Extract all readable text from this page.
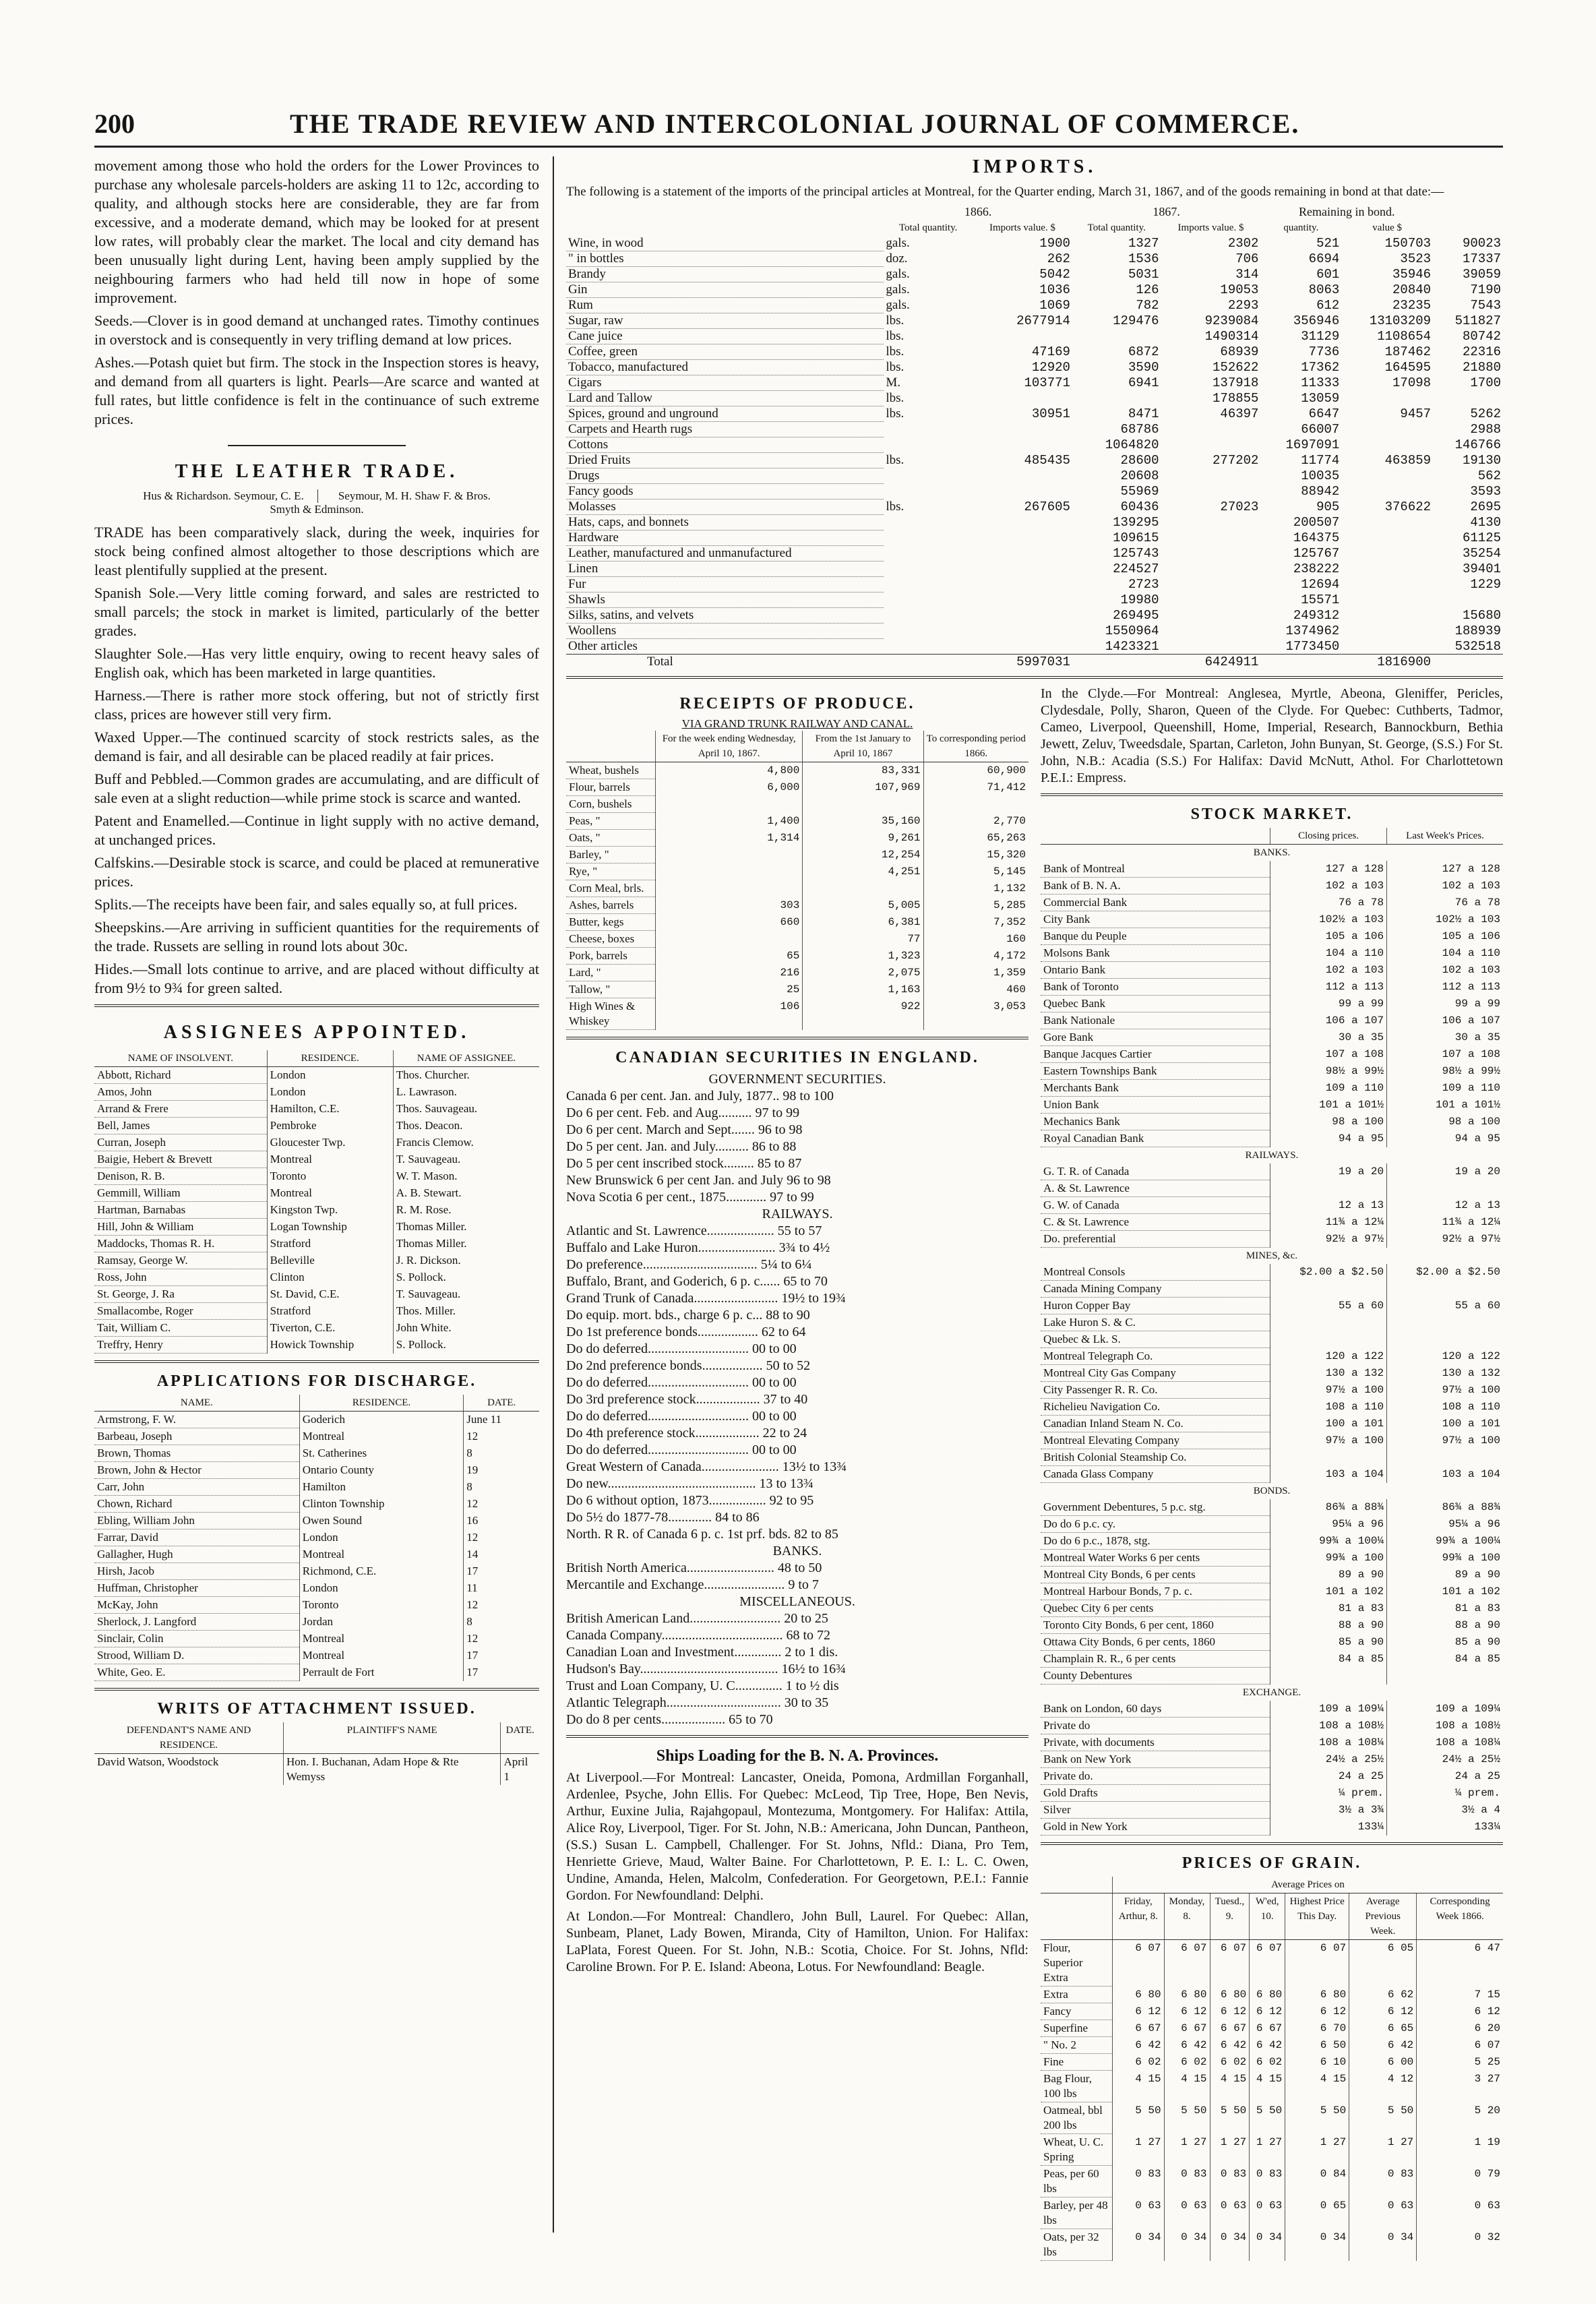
200	THE TRADE REVIEW AND INTERCOLONIAL JOURNAL OF COMMERCE.

movement among those who hold the orders for the Lower Provinces to purchase any wholesale parcels-holders are asking 11 to 12c, according to quality, and although stocks here are considerable, they are far from excessive, and a moderate demand, which may be looked for at present low rates, will probably clear the market. The local and city demand has been unusually light during Lent, having been amply supplied by the neighbouring farmers who had held till now in hope of some improvement.

Seeds.—Clover is in good demand at unchanged rates. Timothy continues in overstock and is consequently in very trifling demand at low prices.

Ashes.—Potash quiet but firm. The stock in the Inspection stores is heavy, and demand from all quarters is light. Pearls—Are scarce and wanted at full rates, but little confidence is felt in the continuance of such extreme prices.

THE LEATHER TRADE.
Hus & Richardson. Seymour, C. E.	Seymour, M. H. Shaw F. & Bros.
Smyth & Edminson.

TRADE has been comparatively slack, during the week, inquiries for stock being confined almost altogether to those descriptions which are least plentifully supplied at the present.

Spanish Sole.—Very little coming forward, and sales are restricted to small parcels; the stock in market is limited, particularly of the better grades.

Slaughter Sole.—Has very little enquiry, owing to recent heavy sales of English oak, which has been marketed in large quantities.

Harness.—There is rather more stock offering, but not of strictly first class, prices are however still very firm.

Waxed Upper.—The continued scarcity of stock restricts sales, as the demand is fair, and all desirable can be placed readily at fair prices.

Buff and Pebbled.—Common grades are accumulating, and are difficult of sale even at a slight reduction—while prime stock is scarce and wanted.

Patent and Enamelled.—Continue in light supply with no active demand, at unchanged prices.

Calfskins.—Desirable stock is scarce, and could be placed at remunerative prices.

Splits.—The receipts have been fair, and sales equally so, at full prices.

Sheepskins.—Are arriving in sufficient quantities for the requirements of the trade. Russets are selling in round lots about 30c.

Hides.—Small lots continue to arrive, and are placed without difficulty at from 9½ to 9¾ for green salted.

ASSIGNEES APPOINTED.
NAME OF INSOLVENT.	RESIDENCE.	NAME OF ASSIGNEE.
Abbott, Richard	London	Thos. Churcher.
Amos, John	London	L. Lawrason.
Arrand & Frere	Hamilton, C.E.	Thos. Sauvageau.
Bell, James	Pembroke	Thos. Deacon.
Curran, Joseph	Gloucester Twp.	Francis Clemow.
Baigie, Hebert & Brevett	Montreal	T. Sauvageau.
Denison, R. B.	Toronto	W. T. Mason.
Gemmill, William	Montreal	A. B. Stewart.
Hartman, Barnabas	Kingston Twp.	R. M. Rose.
Hill, John & William	Logan Township	Thomas Miller.
Maddocks, Thomas R. H.	Stratford	Thomas Miller.
Ramsay, George W.	Belleville	J. R. Dickson.
Ross, John	Clinton	S. Pollock.
St. George, J. Ra	St. David, C.E.	T. Sauvageau.
Smallacombe, Roger	Stratford	Thos. Miller.
Tait, William C.	Tiverton, C.E.	John White.
Treffry, Henry	Howick Township	S. Pollock.
APPLICATIONS FOR DISCHARGE.
NAME.	RESIDENCE.	DATE.
Armstrong, F. W.	Goderich	June 11
Barbeau, Joseph	Montreal	12
Brown, Thomas	St. Catherines	8
Brown, John & Hector	Ontario County	19
Carr, John	Hamilton	8
Chown, Richard	Clinton Township	12
Ebling, William John	Owen Sound	16
Farrar, David	London	12
Gallagher, Hugh	Montreal	14
Hirsh, Jacob	Richmond, C.E.	17
Huffman, Christopher	London	11
McKay, John	Toronto	12
Sherlock, J. Langford	Jordan	8
Sinclair, Colin	Montreal	12
Strood, William D.	Montreal	17
White, Geo. E.	Perrault de Fort	17
WRITS OF ATTACHMENT ISSUED.
DEFENDANT'S NAME AND RESIDENCE.	PLAINTIFF'S NAME	DATE.
David Watson, Woodstock	Hon. I. Buchanan, Adam Hope & Rte Wemyss	April 1
IMPORTS.

The following is a statement of the imports of the principal articles at Montreal, for the Quarter ending, March 31, 1867, and of the goods remaining in bond at that date:—

	1866.		1867.		Remaining in bond.		
	Total quantity.	Imports value. $	Total quantity.	Imports value. $	quantity.	value $	
Wine, in wood	gals.	1900	1327	2302	521	150703	90023
" in bottles	doz.	262	1536	706	6694	3523	17337
Brandy	gals.	5042	5031	314	601	35946	39059
Gin	gals.	1036	126	19053	8063	20840	7190
Rum	gals.	1069	782	2293	612	23235	7543
Sugar, raw	lbs.	2677914	129476	9239084	356946	13103209	511827
Cane juice	lbs.			1490314	31129	1108654	80742
Coffee, green	lbs.	47169	6872	68939	7736	187462	22316
Tobacco, manufactured	lbs.	12920	3590	152622	17362	164595	21880
Cigars	M.	103771	6941	137918	11333	17098	1700
Lard and Tallow	lbs.			178855	13059		
Spices, ground and unground	lbs.	30951	8471	46397	6647	9457	5262
Carpets and Hearth rugs			68786		66007		2988
Cottons			1064820		1697091		146766
Dried Fruits	lbs.	485435	28600	277202	11774	463859	19130
Drugs			20608		10035		562
Fancy goods			55969		88942		3593
Molasses	lbs.	267605	60436	27023	905	376622	2695
Hats, caps, and bonnets			139295		200507		4130
Hardware			109615		164375		61125
Leather, manufactured and unmanufactured			125743		125767		35254
Linen			224527		238222		39401
Fur			2723		12694		1229
Shawls			19980		15571		
Silks, satins, and velvets			269495		249312		15680
Woollens			1550964		1374962		188939
Other articles			1423321		1773450		532518
Total		5997031		6424911		1816900	
RECEIPTS OF PRODUCE.
VIA GRAND TRUNK RAILWAY AND CANAL.
	For the week ending Wednesday, April 10, 1867.	From the 1st January to April 10, 1867	To corresponding period 1866.
Wheat, bushels	4,800	83,331	60,900
Flour, barrels	6,000	107,969	71,412
Corn, bushels			
Peas, "	1,400	35,160	2,770
Oats, "	1,314	9,261	65,263
Barley, "		12,254	15,320
Rye, "		4,251	5,145
Corn Meal, brls.			1,132
Ashes, barrels	303	5,005	5,285
Butter, kegs	660	6,381	7,352
Cheese, boxes		77	160
Pork, barrels	65	1,323	4,172
Lard, "	216	2,075	1,359
Tallow, "	25	1,163	460
High Wines & Whiskey	106	922	3,053
CANADIAN SECURITIES IN ENGLAND.
GOVERNMENT SECURITIES.
Canada 6 per cent. Jan. and July, 1877.. 98 to 100
Do 6 per cent. Feb. and Aug.......... 97 to 99
Do 6 per cent. March and Sept....... 96 to 98
Do 5 per cent. Jan. and July.......... 86 to 88
Do 5 per cent inscribed stock......... 85 to 87
New Brunswick 6 per cent Jan. and July 96 to 98
Nova Scotia 6 per cent., 1875............ 97 to 99
RAILWAYS.
Atlantic and St. Lawrence.................... 55 to 57
Buffalo and Lake Huron....................... 3¾ to 4½
Do preference.................................. 5¼ to 6¼
Buffalo, Brant, and Goderich, 6 p. c...... 65 to 70
Grand Trunk of Canada......................... 19½ to 19¾
Do equip. mort. bds., charge 6 p. c... 88 to 90
Do 1st preference bonds.................. 62 to 64
Do do deferred.............................. 00 to 00
Do 2nd preference bonds.................. 50 to 52
Do do deferred.............................. 00 to 00
Do 3rd preference stock................... 37 to 40
Do do deferred.............................. 00 to 00
Do 4th preference stock................... 22 to 24
Do do deferred.............................. 00 to 00
Great Western of Canada....................... 13½ to 13¾
Do new............................................ 13 to 13¾
Do 6 without option, 1873................. 92 to 95
Do 5½ do 1877-78............. 84 to 86
North. R R. of Canada 6 p. c. 1st prf. bds. 82 to 85
BANKS.
British North America.......................... 48 to 50
Mercantile and Exchange........................ 9 to 7
MISCELLANEOUS.
British American Land........................... 20 to 25
Canada Company.................................... 68 to 72
Canadian Loan and Investment.............. 2 to 1 dis.
Hudson's Bay......................................... 16½ to 16¾
Trust and Loan Company, U. C.............. 1 to ½ dis
Atlantic Telegraph.................................. 30 to 35
Do do 8 per cents................... 65 to 70
Ships Loading for the B. N. A. Provinces.

At Liverpool.—For Montreal: Lancaster, Oneida, Pomona, Ardmillan Forganhall, Ardenlee, Psyche, John Ellis. For Quebec: McLeod, Tip Tree, Hope, Ben Nevis, Arthur, Euxine Julia, Rajahgopaul, Montezuma, Montgomery. For Halifax: Attila, Alice Roy, Liverpool, Tiger. For St. John, N.B.: Americana, John Duncan, Pantheon, (S.S.) Susan L. Campbell, Challenger. For St. Johns, Nfld.: Diana, Pro Tem, Henriette Grieve, Maud, Walter Baine. For Charlottetown, P. E. I.: L. C. Owen, Undine, Amanda, Helen, Malcolm, Confederation. For Georgetown, P.E.I.: Fannie Gordon. For Newfoundland: Delphi.

At London.—For Montreal: Chandlero, John Bull, Laurel. For Quebec: Allan, Sunbeam, Planet, Lady Bowen, Miranda, City of Hamilton, Union. For Halifax: LaPlata, Forest Queen. For St. John, N.B.: Scotia, Choice. For St. Johns, Nfld: Caroline Brown. For P. E. Island: Abeona, Lotus. For Newfoundland: Beagle.

In the Clyde.—For Montreal: Anglesea, Myrtle, Abeona, Gleniffer, Pericles, Clydesdale, Polly, Sharon, Queen of the Clyde. For Quebec: Cuthberts, Tadmor, Cameo, Liverpool, Queenshill, Home, Imperial, Research, Bannockburn, Bethia Jewett, Zeluv, Tweedsdale, Spartan, Carleton, John Bunyan, St. George, (S.S.) For St. John, N.B.: Acadia (S.S.) For Halifax: David McNutt, Athol. For Charlottetown P.E.I.: Empress.

STOCK MARKET.
	Closing prices.	Last Week's Prices.
BANKS.		
Bank of Montreal	127 a 128	127 a 128
Bank of B. N. A.	102 a 103	102 a 103
Commercial Bank	76 a 78	76 a 78
City Bank	102½ a 103	102½ a 103
Banque du Peuple	105 a 106	105 a 106
Molsons Bank	104 a 110	104 a 110
Ontario Bank	102 a 103	102 a 103
Bank of Toronto	112 a 113	112 a 113
Quebec Bank	99 a 99	99 a 99
Bank Nationale	106 a 107	106 a 107
Gore Bank	30 a 35	30 a 35
Banque Jacques Cartier	107 a 108	107 a 108
Eastern Townships Bank	98½ a 99½	98½ a 99½
Merchants Bank	109 a 110	109 a 110
Union Bank	101 a 101½	101 a 101½
Mechanics Bank	98 a 100	98 a 100
Royal Canadian Bank	94 a 95	94 a 95
RAILWAYS.		
G. T. R. of Canada	19 a 20	19 a 20
A. & St. Lawrence		
G. W. of Canada	12 a 13	12 a 13
C. & St. Lawrence	11¾ a 12¼	11¾ a 12¼
Do. preferential	92½ a 97½	92½ a 97½
MINES, &c.		
Montreal Consols	$2.00 a $2.50	$2.00 a $2.50
Canada Mining Company		
Huron Copper Bay	55 a 60	55 a 60
Lake Huron S. & C.		
Quebec & Lk. S.		
Montreal Telegraph Co.	120 a 122	120 a 122
Montreal City Gas Company	130 a 132	130 a 132
City Passenger R. R. Co.	97½ a 100	97½ a 100
Richelieu Navigation Co.	108 a 110	108 a 110
Canadian Inland Steam N. Co.	100 a 101	100 a 101
Montreal Elevating Company	97½ a 100	97½ a 100
British Colonial Steamship Co.		
Canada Glass Company	103 a 104	103 a 104
BONDS.		
Government Debentures, 5 p.c. stg.	86¾ a 88¾	86¾ a 88¾
Do do 6 p.c. cy.	95¼ a 96	95¼ a 96
Do do 6 p.c., 1878, stg.	99¾ a 100¼	99¾ a 100¼
Montreal Water Works 6 per cents	99¾ a 100	99¾ a 100
Montreal City Bonds, 6 per cents	89 a 90	89 a 90
Montreal Harbour Bonds, 7 p. c.	101 a 102	101 a 102
Quebec City 6 per cents	81 a 83	81 a 83
Toronto City Bonds, 6 per cent, 1860	88 a 90	88 a 90
Ottawa City Bonds, 6 per cents, 1860	85 a 90	85 a 90
Champlain R. R., 6 per cents	84 a 85	84 a 85
County Debentures		
EXCHANGE.		
Bank on London, 60 days	109 a 109¼	109 a 109¼
Private do	108 a 108½	108 a 108½
Private, with documents	108 a 108¼	108 a 108¼
Bank on New York	24½ a 25½	24½ a 25½
Private do.	24 a 25	24 a 25
Gold Drafts	¼ prem.	¼ prem.
Silver	3½ a 3¾	3½ a 4
Gold in New York	133¼	133¼
PRICES OF GRAIN.
	Average Prices on						
	Friday, Arthur, 8.	Monday, 8.	Tuesd., 9.	W'ed, 10.	Highest Price This Day.	Average Previous Week.	Corresponding Week 1866.
Flour, Superior Extra	6 07	6 07	6 07	6 07	6 07	6 05	6 47
Extra	6 80	6 80	6 80	6 80	6 80	6 62	7 15
Fancy	6 12	6 12	6 12	6 12	6 12	6 12	6 12
Superfine	6 67	6 67	6 67	6 67	6 70	6 65	6 20
" No. 2	6 42	6 42	6 42	6 42	6 50	6 42	6 07
Fine	6 02	6 02	6 02	6 02	6 10	6 00	5 25
Bag Flour, 100 lbs	4 15	4 15	4 15	4 15	4 15	4 12	3 27
Oatmeal, bbl 200 lbs	5 50	5 50	5 50	5 50	5 50	5 50	5 20
Wheat, U. C. Spring	1 27	1 27	1 27	1 27	1 27	1 27	1 19
Peas, per 60 lbs	0 83	0 83	0 83	0 83	0 84	0 83	0 79
Barley, per 48 lbs	0 63	0 63	0 63	0 63	0 65	0 63	0 63
Oats, per 32 lbs	0 34	0 34	0 34	0 34	0 34	0 34	0 32
